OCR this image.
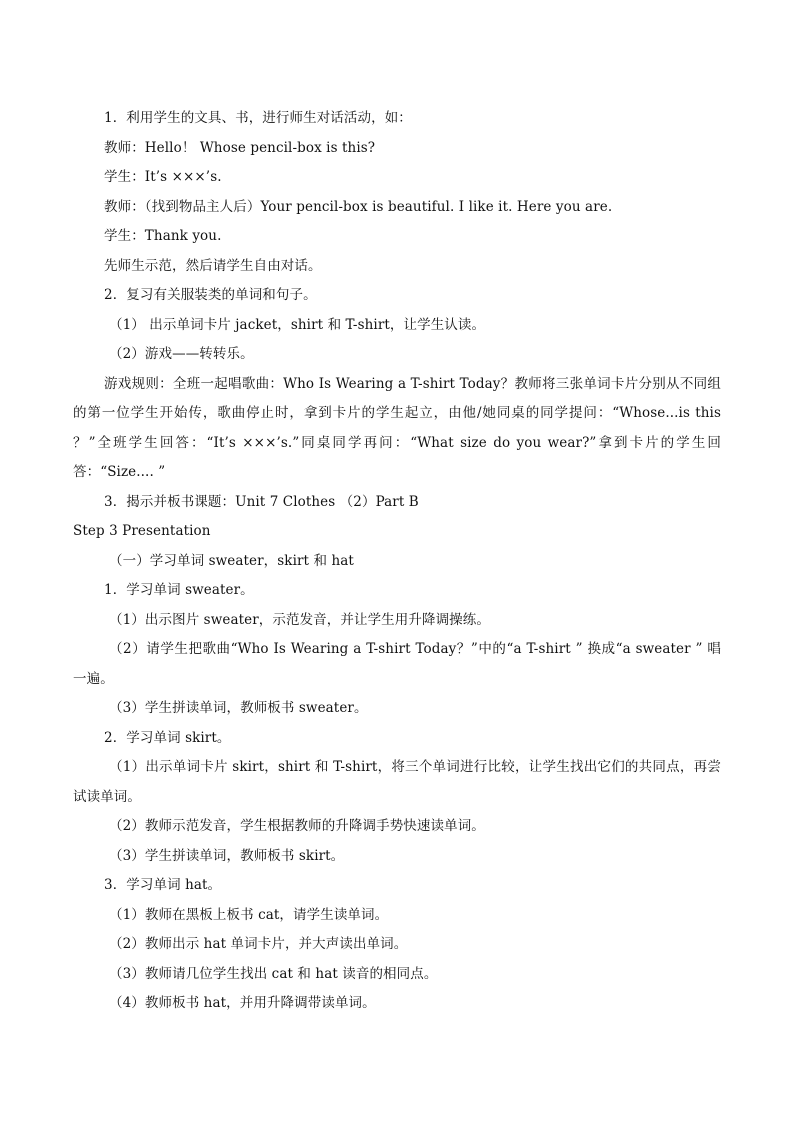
1．利用学生的文具、书，进行师生对话活动，如：
教师：Hello！ Whose pencil-box is this?
学生：It’s ×××’s.
教师：（找到物品主人后）Your pencil-box is beautiful. I like it. Here you are.
学生：Thank you.
先师生示范，然后请学生自由对话。
2．复习有关服装类的单词和句子。
（1） 出示单词卡片 jacket，shirt 和 T-shirt，让学生认读。
（2）游戏——转转乐。
游戏规则：全班一起唱歌曲：Who Is Wearing a T-shirt Today？教师将三张单词卡片分别从不同组的第一位学生开始传，歌曲停止时，拿到卡片的学生起立，由他/她同桌的同学提问：“Whose...is this ？”全班学生回答：“It’s ×××’s.”同桌同学再问：“What size do you wear?”拿到卡片的学生回答：“Size.... ”
3．揭示并板书课题：Unit 7 Clothes （2）Part B
Step 3 Presentation
（一）学习单词 sweater，skirt 和 hat
1．学习单词 sweater。
（1）出示图片 sweater，示范发音，并让学生用升降调操练。
（2）请学生把歌曲“Who Is Wearing a T-shirt Today？”中的“a T-shirt ” 换成“a sweater ” 唱一遍。
（3）学生拼读单词，教师板书 sweater。
2．学习单词 skirt。
（1）出示单词卡片 skirt，shirt 和 T-shirt，将三个单词进行比较，让学生找出它们的共同点，再尝试读单词。
（2）教师示范发音，学生根据教师的升降调手势快速读单词。
（3）学生拼读单词，教师板书 skirt。
3．学习单词 hat。
（1）教师在黑板上板书 cat，请学生读单词。
（2）教师出示 hat 单词卡片，并大声读出单词。
（3）教师请几位学生找出 cat 和 hat 读音的相同点。
（4）教师板书 hat，并用升降调带读单词。
